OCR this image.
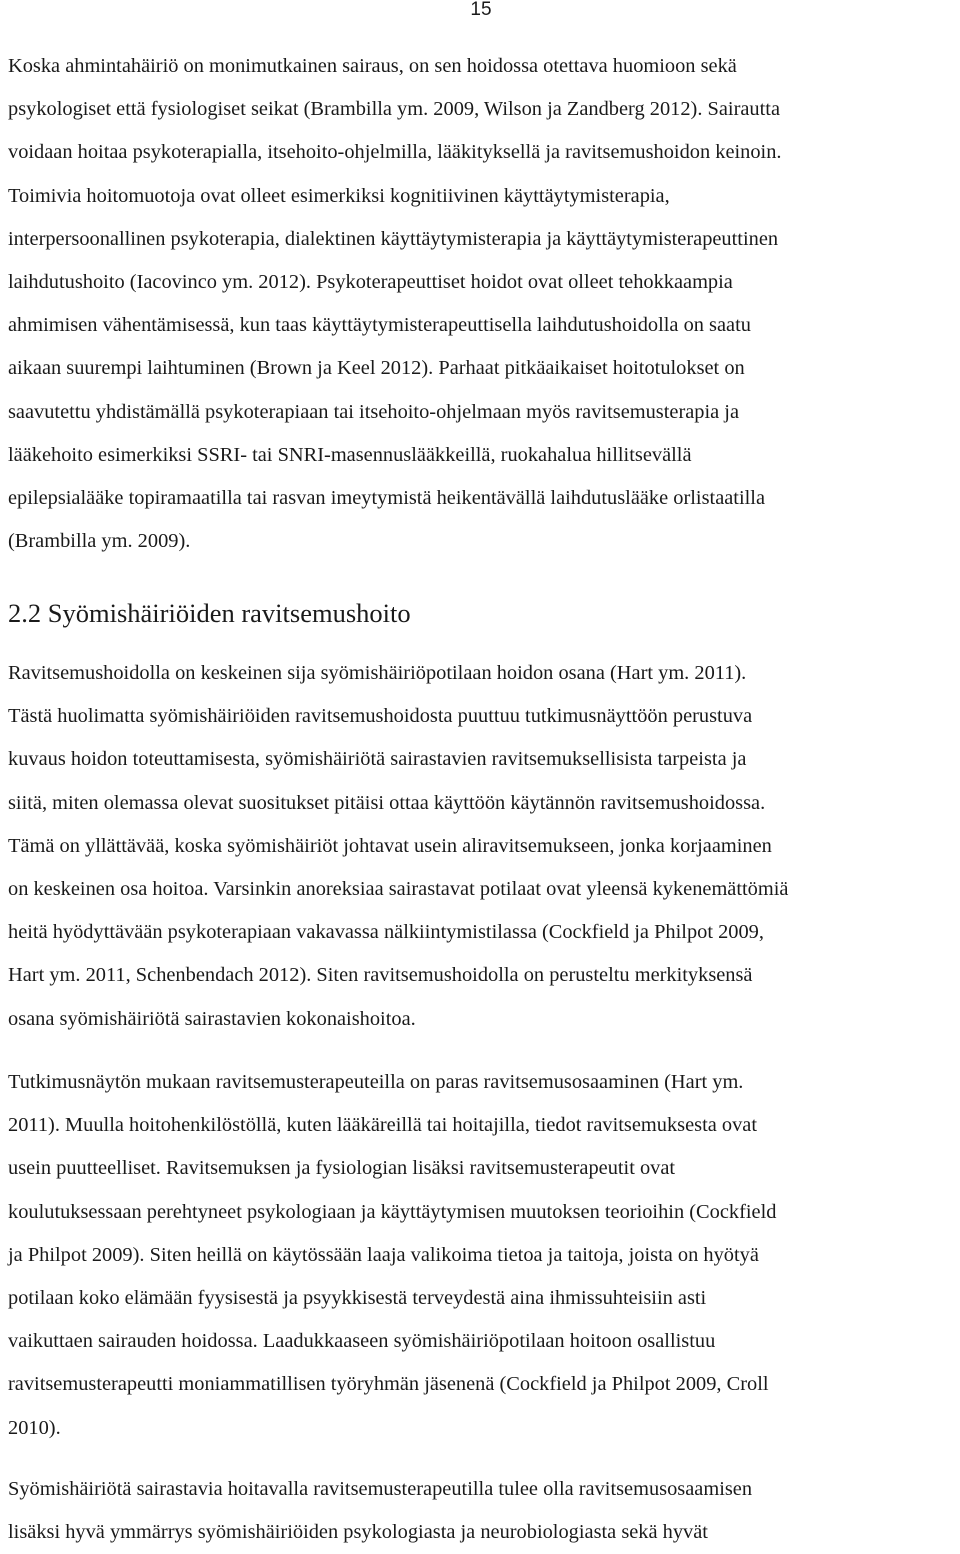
15

Koska ahmintahäiriö on monimutkainen sairaus, on sen hoidossa otettava huomioon sekä
psykologiset että fysiologiset seikat (Brambilla ym. 2009, Wilson ja Zandberg 2012). Sairautta
voidaan hoitaa psykoterapialla, itsehoito-ohjelmilla, lääkityksellä ja ravitsemushoidon keinoin.
Toimivia hoitomuotoja ovat olleet esimerkiksi kognitiivinen käyttäytymisterapia,
interpersoonallinen psykoterapia, dialektinen käyttäytymisterapia ja käyttäytymisterapeuttinen
laihdutushoito (Iacovinco ym. 2012). Psykoterapeuttiset hoidot ovat olleet tehokkaampia
ahmimisen vähentämisessä, kun taas käyttäytymisterapeuttisella laihdutushoidolla on saatu
aikaan suurempi laihtuminen (Brown ja Keel 2012). Parhaat pitkäaikaiset hoitotulokset on
saavutettu yhdistämällä psykoterapiaan tai itsehoito-ohjelmaan myös ravitsemusterapia ja
lääkehoito esimerkiksi SSRI- tai SNRI-masennuslääkkeillä, ruokahalua hillitsevällä
epilepsialääke topiramaatilla tai rasvan imeytymistä heikentävällä laihdutuslääke orlistaatilla
(Brambilla ym. 2009).

2.2 Syömishäiriöiden ravitsemushoito

Ravitsemushoidolla on keskeinen sija syömishäiriöpotilaan hoidon osana (Hart ym. 2011).
Tästä huolimatta syömishäiriöiden ravitsemushoidosta puuttuu tutkimusnäyttöön perustuva
kuvaus hoidon toteuttamisesta, syömishäiriötä sairastavien ravitsemuksellisista tarpeista ja
siitä, miten olemassa olevat suositukset pitäisi ottaa käyttöön käytännön ravitsemushoidossa.
Tämä on yllättävää, koska syömishäiriöt johtavat usein aliravitsemukseen, jonka korjaaminen
on keskeinen osa hoitoa. Varsinkin anoreksiaa sairastavat potilaat ovat yleensä kykenemättömiä
heitä hyödyttävään psykoterapiaan vakavassa nälkiintymistilassa (Cockfield ja Philpot 2009,
Hart ym. 2011, Schenbendach 2012). Siten ravitsemushoidolla on perusteltu merkityksensä
osana syömishäiriötä sairastavien kokonaishoitoa.

Tutkimusnäytön mukaan ravitsemusterapeuteilla on paras ravitsemusosaaminen (Hart ym.
2011). Muulla hoitohenkilöstöllä, kuten lääkäreillä tai hoitajilla, tiedot ravitsemuksesta ovat
usein puutteelliset. Ravitsemuksen ja fysiologian lisäksi ravitsemusterapeutit ovat
koulutuksessaan perehtyneet psykologiaan ja käyttäytymisen muutoksen teorioihin (Cockfield
ja Philpot 2009). Siten heillä on käytössään laaja valikoima tietoa ja taitoja, joista on hyötyä
potilaan koko elämään fyysisestä ja psyykkisestä terveydestä aina ihmissuhteisiin asti
vaikuttaen sairauden hoidossa. Laadukkaaseen syömishäiriöpotilaan hoitoon osallistuu
ravitsemusterapeutti moniammatillisen työryhmän jäsenenä (Cockfield ja Philpot 2009, Croll
2010).

Syömishäiriötä sairastavia hoitavalla ravitsemusterapeutilla tulee olla ravitsemusosaamisen
lisäksi hyvä ymmärrys syömishäiriöiden psykologiasta ja neurobiologiasta sekä hyvät
